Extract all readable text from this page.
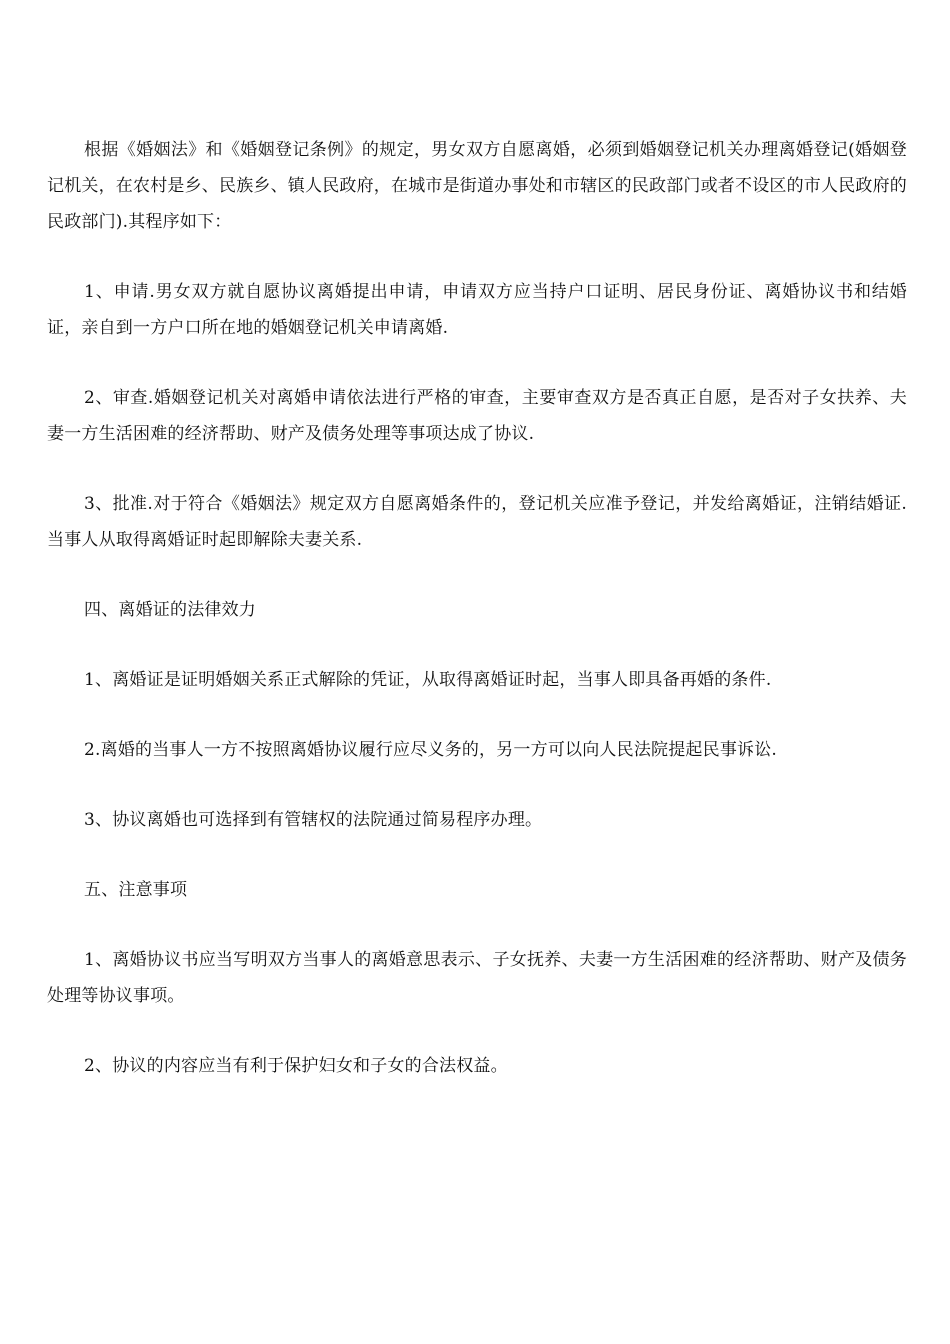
根据《婚姻法》和《婚姻登记条例》的规定，男女双方自愿离婚，必须到婚姻登记机关办理离婚登记(婚姻登记机关，在农村是乡、民族乡、镇人民政府，在城市是街道办事处和市辖区的民政部门或者不设区的市人民政府的民政部门).其程序如下：

1、申请.男女双方就自愿协议离婚提出申请，申请双方应当持户口证明、居民身份证、离婚协议书和结婚证，亲自到一方户口所在地的婚姻登记机关申请离婚.

2、审查.婚姻登记机关对离婚申请依法进行严格的审查，主要审查双方是否真正自愿，是否对子女扶养、夫妻一方生活困难的经济帮助、财产及债务处理等事项达成了协议.

3、批准.对于符合《婚姻法》规定双方自愿离婚条件的，登记机关应准予登记，并发给离婚证，注销结婚证.当事人从取得离婚证时起即解除夫妻关系.

四、离婚证的法律效力

1、离婚证是证明婚姻关系正式解除的凭证，从取得离婚证时起，当事人即具备再婚的条件.

2.离婚的当事人一方不按照离婚协议履行应尽义务的，另一方可以向人民法院提起民事诉讼.

3、协议离婚也可选择到有管辖权的法院通过简易程序办理。

五、注意事项

1、离婚协议书应当写明双方当事人的离婚意思表示、子女抚养、夫妻一方生活困难的经济帮助、财产及债务处理等协议事项。

2、协议的内容应当有利于保护妇女和子女的合法权益。
